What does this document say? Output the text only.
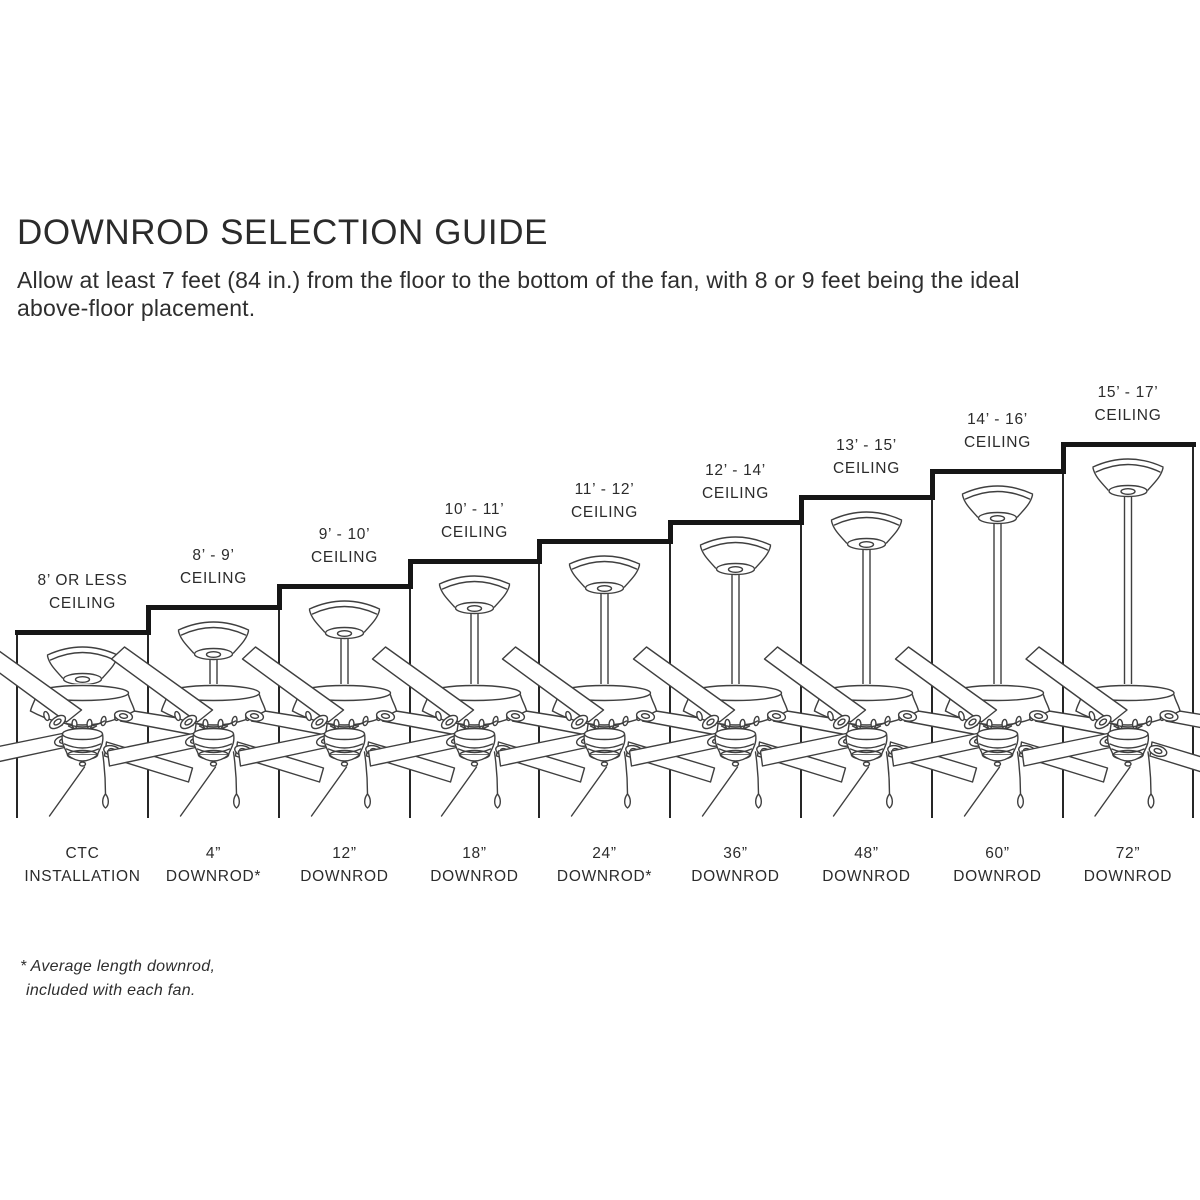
DOWNROD SELECTION GUIDE

Allow at least 7 feet (84 in.) from the floor to the bottom of the fan, with 8 or 9 feet being the ideal
above-floor placement.

8’ OR LESS
CEILING
CTC
INSTALLATION
8’ - 9’
CEILING
4”
DOWNROD*
9’ - 10’
CEILING
12”
DOWNROD
10’ - 11’
CEILING
18”
DOWNROD
11’ - 12’
CEILING
24”
DOWNROD*
12’ - 14’
CEILING
36”
DOWNROD
13’ - 15’
CEILING
48”
DOWNROD
14’ - 16’
CEILING
60”
DOWNROD
15’ - 17’
CEILING
72”
DOWNROD

* Average length downrod,
included with each fan.
